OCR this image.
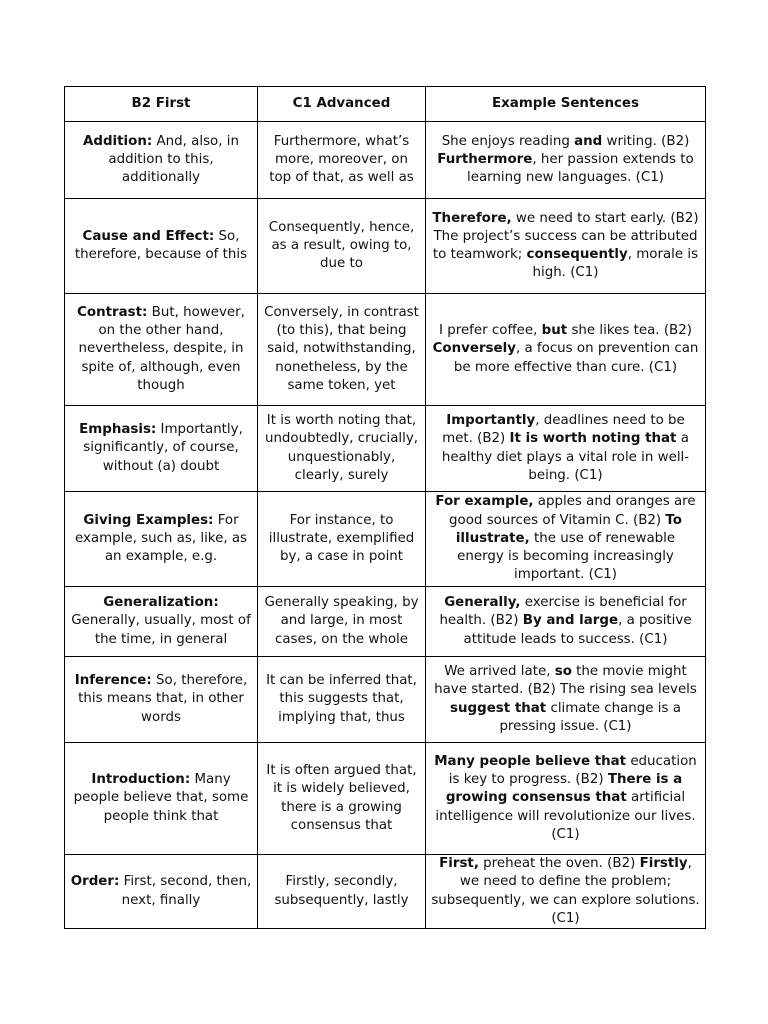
B2 First	C1 Advanced	Example Sentences
Addition: And, also, in addition to this, additionally	Furthermore, what’s more, moreover, on top of that, as well as	She enjoys reading and writing. (B2) Furthermore, her passion extends to learning new languages. (C1)
Cause and Effect: So, therefore, because of this	Consequently, hence, as a result, owing to, due to	Therefore, we need to start early. (B2) The project’s success can be attributed to teamwork; consequently, morale is high. (C1)
Contrast: But, however, on the other hand, nevertheless, despite, in spite of, although, even though	Conversely, in contrast (to this), that being said, notwithstanding, nonetheless, by the same token, yet	I prefer coffee, but she likes tea. (B2) Conversely, a focus on prevention can be more effective than cure. (C1)
Emphasis: Importantly, significantly, of course, without (a) doubt	It is worth noting that, undoubtedly, crucially, unquestionably, clearly, surely	Importantly, deadlines need to be met. (B2) It is worth noting that a healthy diet plays a vital role in well-being. (C1)
Giving Examples: For example, such as, like, as an example, e.g.	For instance, to illustrate, exemplified by, a case in point	For example, apples and oranges are good sources of Vitamin C. (B2) To illustrate, the use of renewable energy is becoming increasingly important. (C1)
Generalization: Generally, usually, most of the time, in general	Generally speaking, by and large, in most cases, on the whole	Generally, exercise is beneficial for health. (B2) By and large, a positive attitude leads to success. (C1)
Inference: So, therefore, this means that, in other words	It can be inferred that, this suggests that, implying that, thus	We arrived late, so the movie might have started. (B2) The rising sea levels suggest that climate change is a pressing issue. (C1)
Introduction: Many people believe that, some people think that	It is often argued that, it is widely believed, there is a growing consensus that	Many people believe that education is key to progress. (B2) There is a growing consensus that artificial intelligence will revolutionize our lives. (C1)
Order: First, second, then, next, finally	Firstly, secondly, subsequently, lastly	First, preheat the oven. (B2) Firstly, we need to define the problem; subsequently, we can explore solutions. (C1)
